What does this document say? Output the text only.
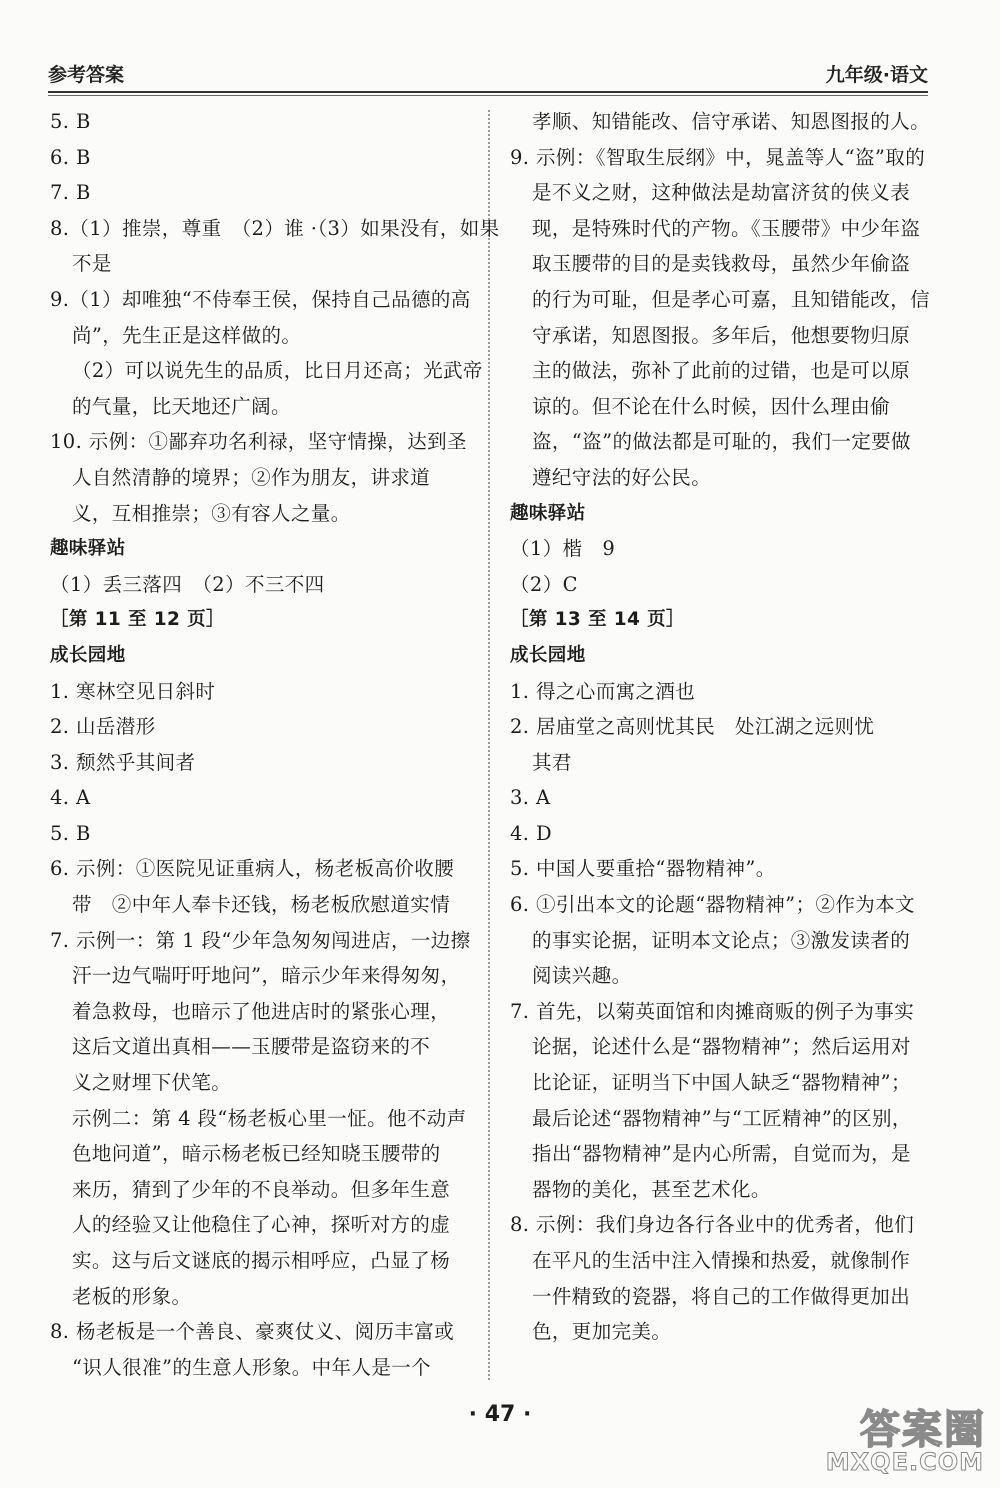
参考答案	九年级·语文
5. B
6. B
7. B
8.（1）推崇，尊重　（2）谁 ·（3）如果没有，如果
不是
9.（1）却唯独“不侍奉王侯，保持自己品德的高
尚”，先生正是这样做的。
（2）可以说先生的品质，比日月还高；光武帝
的气量，比天地还广阔。
10. 示例：①鄙弃功名利禄，坚守情操，达到圣
人自然清静的境界；②作为朋友，讲求道
义，互相推崇；③有容人之量。
趣味驿站
（1）丢三落四　（2）不三不四
［第 11 至 12 页］
成长园地
1. 寒林空见日斜时
2. 山岳潜形
3. 颓然乎其间者
4. A
5. B
6. 示例：①医院见证重病人，杨老板高价收腰
带　②中年人奉卡还钱，杨老板欣慰道实情
7. 示例一：第 1 段“少年急匆匆闯进店，一边擦
汗一边气喘吁吁地问”，暗示少年来得匆匆，
着急救母，也暗示了他进店时的紧张心理，
这后文道出真相——玉腰带是盗窃来的不
义之财埋下伏笔。
示例二：第 4 段“杨老板心里一怔。他不动声
色地问道”，暗示杨老板已经知晓玉腰带的
来历，猜到了少年的不良举动。但多年生意
人的经验又让他稳住了心神，探听对方的虚
实。这与后文谜底的揭示相呼应，凸显了杨
老板的形象。
8. 杨老板是一个善良、豪爽仗义、阅历丰富或
“识人很准”的生意人形象。中年人是一个
孝顺、知错能改、信守承诺、知恩图报的人。
9. 示例：《智取生辰纲》中，晁盖等人“盗”取的
是不义之财，这种做法是劫富济贫的侠义表
现，是特殊时代的产物。《玉腰带》中少年盗
取玉腰带的目的是卖钱救母，虽然少年偷盗
的行为可耻，但是孝心可嘉，且知错能改，信
守承诺，知恩图报。多年后，他想要物归原
主的做法，弥补了此前的过错，也是可以原
谅的。但不论在什么时候，因什么理由偷
盗，“盗”的做法都是可耻的，我们一定要做
遵纪守法的好公民。
趣味驿站
（1）楷　9
（2）C
［第 13 至 14 页］
成长园地
1. 得之心而寓之酒也
2. 居庙堂之高则忧其民　处江湖之远则忧
其君
3. A
4. D
5. 中国人要重拾“器物精神”。
6. ①引出本文的论题“器物精神”；②作为本文
的事实论据，证明本文论点；③激发读者的
阅读兴趣。
7. 首先，以菊英面馆和肉摊商贩的例子为事实
论据，论述什么是“器物精神”；然后运用对
比论证，证明当下中国人缺乏“器物精神”；
最后论述“器物精神”与“工匠精神”的区别，
指出“器物精神”是内心所需，自觉而为，是
器物的美化，甚至艺术化。
8. 示例：我们身边各行各业中的优秀者，他们
在平凡的生活中注入情操和热爱，就像制作
一件精致的瓷器，将自己的工作做得更加出
色，更加完美。
· 47 ·	答案圈
MXQE.COM
